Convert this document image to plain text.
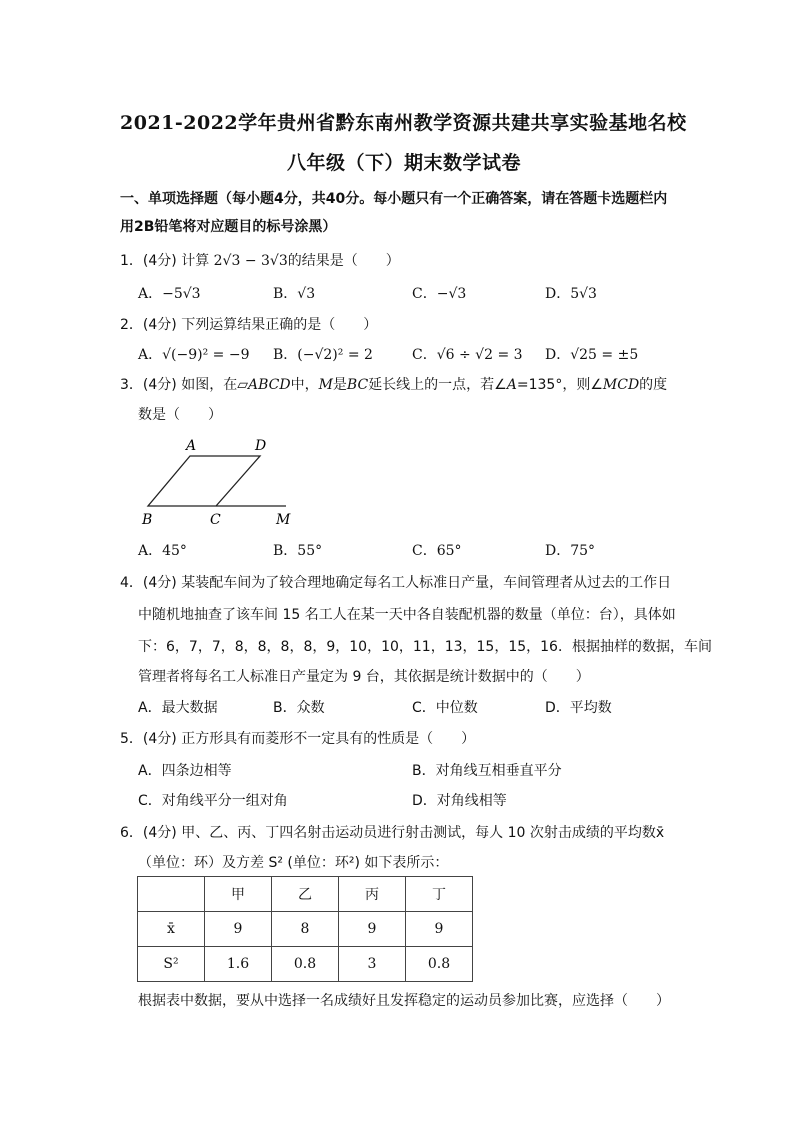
2021-2022学年贵州省黔东南州教学资源共建共享实验基地名校
八年级（下）期末数学试卷
一、单项选择题（每小题4分，共40分。每小题只有一个正确答案，请在答题卡选题栏内
用2B铅笔将对应题目的标号涂黑）
1．(4分) 计算 2√3 − 3√3的结果是（　　）
A．−5√3	B．√3	C．−√3	D．5√3
2．(4分) 下列运算结果正确的是（　　）
A．√(−9)² = −9 B．(−√2)² = 2	C．√6 ÷ √2 = 3 D．√25 = ±5
3．(4分) 如图，在▱ABCD中，M是BC延长线上的一点，若∠A=135°，则∠MCD的度
数是（　　）
A	D
B	C	M
A．45°	B．55°	C．65°	D．75°
4．(4分) 某装配车间为了较合理地确定每名工人标准日产量，车间管理者从过去的工作日
中随机地抽查了该车间 15 名工人在某一天中各自装配机器的数量（单位：台），具体如
下：6，7，7，8，8，8，8，9，10，10，11，13，15，15，16．根据抽样的数据，车间
管理者将每名工人标准日产量定为 9 台，其依据是统计数据中的（　　）
A．最大数据	B．众数	C．中位数	D．平均数
5．(4分) 正方形具有而菱形不一定具有的性质是（　　）
A．四条边相等	B．对角线互相垂直平分
C．对角线平分一组对角	D．对角线相等
6．(4分) 甲、乙、丙、丁四名射击运动员进行射击测试，每人 10 次射击成绩的平均数x̄
（单位：环）及方差 S² (单位：环²) 如下表所示：
	甲	乙	丙	丁
x̄	9	8	9	9
S²	1.6	0.8	3	0.8
根据表中数据，要从中选择一名成绩好且发挥稳定的运动员参加比赛，应选择（　　）
